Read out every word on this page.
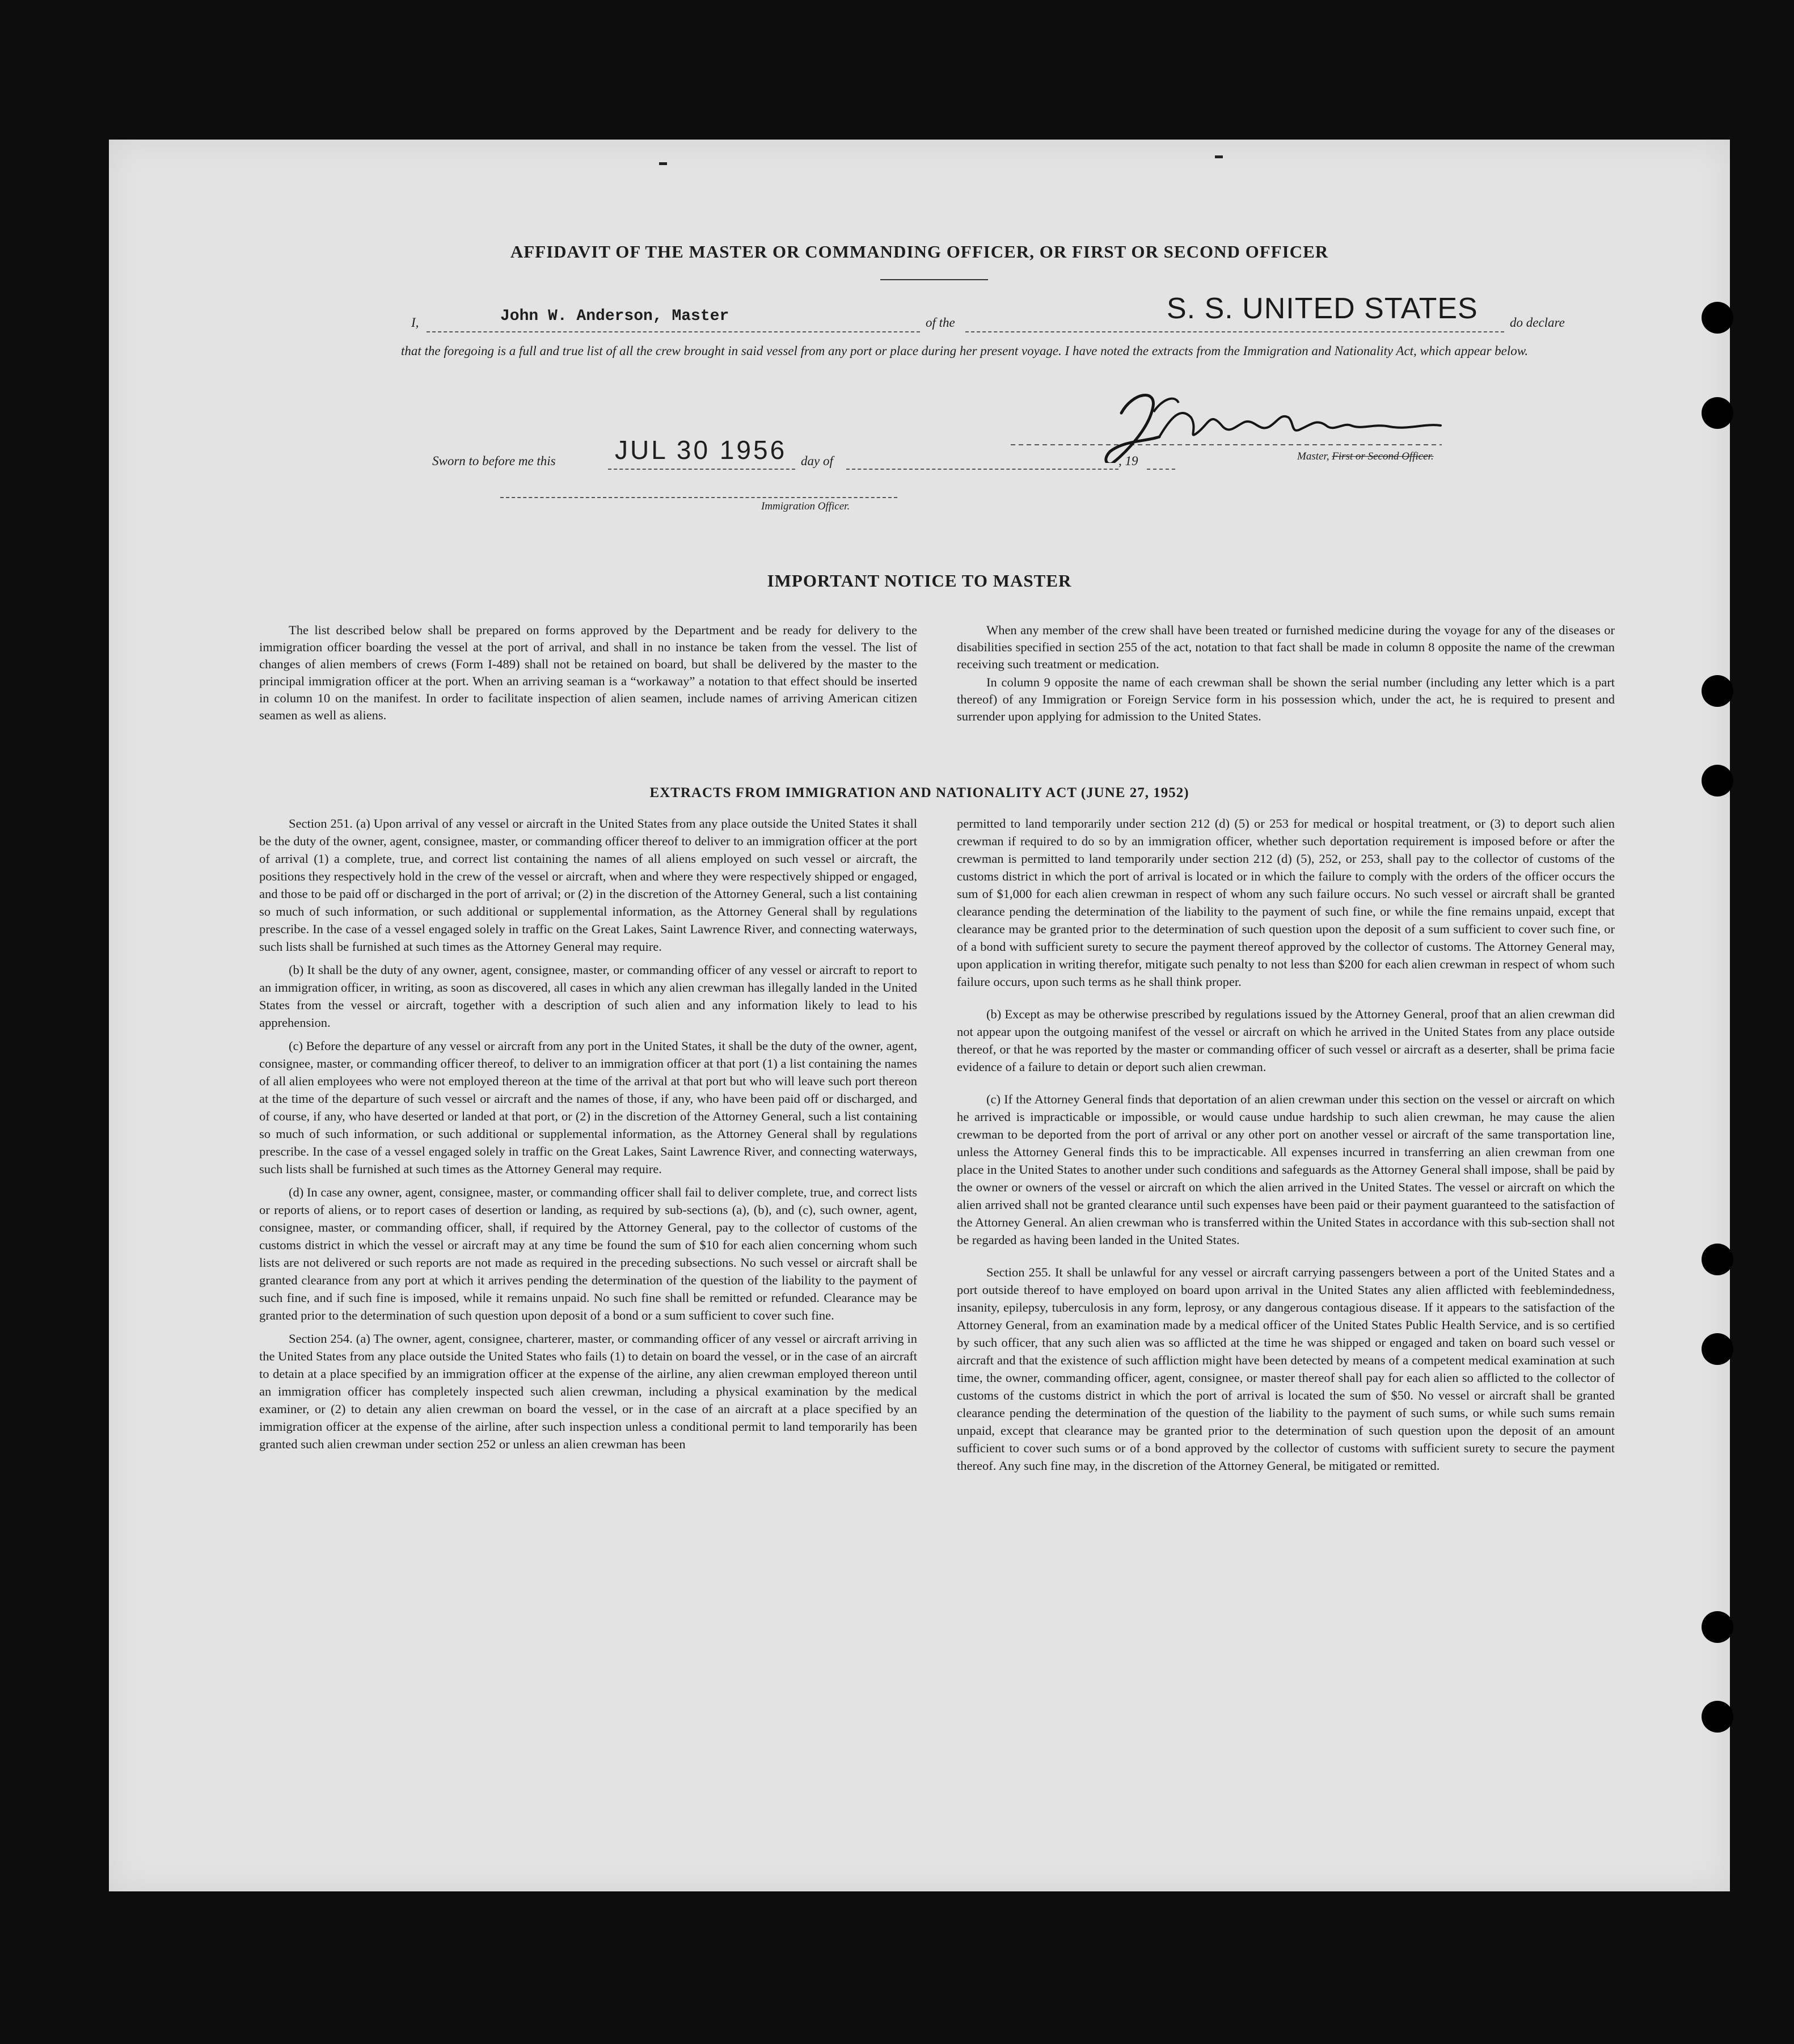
AFFIDAVIT OF THE MASTER OR COMMANDING OFFICER, OR FIRST OR SECOND OFFICER
I,	John W. Anderson, Master	of the	S. S. UNITED STATES do declare
that the foregoing is a full and true list of all the crew brought in said vessel from any port or place during her present voyage. I have noted the extracts from the Immigration and Nationality Act, which appear below.
Master, First or Second Officer.
Sworn to before me this JUL 30 1956 day of	, 19
Immigration Officer.
IMPORTANT NOTICE TO MASTER

The list described below shall be prepared on forms approved by the Department and be ready for delivery to the immigration officer boarding the vessel at the port of arrival, and shall in no instance be taken from the vessel. The list of changes of alien members of crews (Form I-489) shall not be retained on board, but shall be delivered by the master to the principal immigration officer at the port. When an arriving seaman is a “workaway” a notation to that effect should be inserted in column 10 on the manifest. In order to facilitate inspection of alien seamen, include names of arriving American citizen seamen as well as aliens.

When any member of the crew shall have been treated or furnished medicine during the voyage for any of the diseases or disabilities specified in section 255 of the act, notation to that fact shall be made in column 8 opposite the name of the crewman receiving such treatment or medication.

In column 9 opposite the name of each crewman shall be shown the serial number (including any letter which is a part thereof) of any Immigration or Foreign Service form in his possession which, under the act, he is required to present and surrender upon applying for admission to the United States.

EXTRACTS FROM IMMIGRATION AND NATIONALITY ACT (JUNE 27, 1952)

Section 251. (a) Upon arrival of any vessel or aircraft in the United States from any place outside the United States it shall be the duty of the owner, agent, consignee, master, or commanding officer thereof to deliver to an immigration officer at the port of arrival (1) a complete, true, and correct list containing the names of all aliens employed on such vessel or aircraft, the positions they respectively hold in the crew of the vessel or aircraft, when and where they were respectively shipped or engaged, and those to be paid off or discharged in the port of arrival; or (2) in the discretion of the Attorney General, such a list containing so much of such information, or such additional or supplemental information, as the Attorney General shall by regulations prescribe. In the case of a vessel engaged solely in traffic on the Great Lakes, Saint Lawrence River, and connecting waterways, such lists shall be furnished at such times as the Attorney General may require.

(b) It shall be the duty of any owner, agent, consignee, master, or commanding officer of any vessel or aircraft to report to an immigration officer, in writing, as soon as discovered, all cases in which any alien crewman has illegally landed in the United States from the vessel or aircraft, together with a description of such alien and any information likely to lead to his apprehension.

(c) Before the departure of any vessel or aircraft from any port in the United States, it shall be the duty of the owner, agent, consignee, master, or commanding officer thereof, to deliver to an immigration officer at that port (1) a list containing the names of all alien employees who were not employed thereon at the time of the arrival at that port but who will leave such port thereon at the time of the departure of such vessel or aircraft and the names of those, if any, who have been paid off or discharged, and of course, if any, who have deserted or landed at that port, or (2) in the discretion of the Attorney General, such a list containing so much of such information, or such additional or supplemental information, as the Attorney General shall by regulations prescribe. In the case of a vessel engaged solely in traffic on the Great Lakes, Saint Lawrence River, and connecting waterways, such lists shall be furnished at such times as the Attorney General may require.

(d) In case any owner, agent, consignee, master, or commanding officer shall fail to deliver complete, true, and correct lists or reports of aliens, or to report cases of desertion or landing, as required by sub-sections (a), (b), and (c), such owner, agent, consignee, master, or commanding officer, shall, if required by the Attorney General, pay to the collector of customs of the customs district in which the vessel or aircraft may at any time be found the sum of $10 for each alien concerning whom such lists are not delivered or such reports are not made as required in the preceding subsections. No such vessel or aircraft shall be granted clearance from any port at which it arrives pending the determination of the question of the liability to the payment of such fine, and if such fine is imposed, while it remains unpaid. No such fine shall be remitted or refunded. Clearance may be granted prior to the determination of such question upon deposit of a bond or a sum sufficient to cover such fine.

Section 254. (a) The owner, agent, consignee, charterer, master, or commanding officer of any vessel or aircraft arriving in the United States from any place outside the United States who fails (1) to detain on board the vessel, or in the case of an aircraft to detain at a place specified by an immigration officer at the expense of the airline, any alien crewman employed thereon until an immigration officer has completely inspected such alien crewman, including a physical examination by the medical examiner, or (2) to detain any alien crewman on board the vessel, or in the case of an aircraft at a place specified by an immigration officer at the expense of the airline, after such inspection unless a conditional permit to land temporarily has been granted such alien crewman under section 252 or unless an alien crewman has been

permitted to land temporarily under section 212 (d) (5) or 253 for medical or hospital treatment, or (3) to deport such alien crewman if required to do so by an immigration officer, whether such deportation requirement is imposed before or after the crewman is permitted to land temporarily under section 212 (d) (5), 252, or 253, shall pay to the collector of customs of the customs district in which the port of arrival is located or in which the failure to comply with the orders of the officer occurs the sum of $1,000 for each alien crewman in respect of whom any such failure occurs. No such vessel or aircraft shall be granted clearance pending the determination of the liability to the payment of such fine, or while the fine remains unpaid, except that clearance may be granted prior to the determination of such question upon the deposit of a sum sufficient to cover such fine, or of a bond with sufficient surety to secure the payment thereof approved by the collector of customs. The Attorney General may, upon application in writing therefor, mitigate such penalty to not less than $200 for each alien crewman in respect of whom such failure occurs, upon such terms as he shall think proper.

(b) Except as may be otherwise prescribed by regulations issued by the Attorney General, proof that an alien crewman did not appear upon the outgoing manifest of the vessel or aircraft on which he arrived in the United States from any place outside thereof, or that he was reported by the master or commanding officer of such vessel or aircraft as a deserter, shall be prima facie evidence of a failure to detain or deport such alien crewman.

(c) If the Attorney General finds that deportation of an alien crewman under this section on the vessel or aircraft on which he arrived is impracticable or impossible, or would cause undue hardship to such alien crewman, he may cause the alien crewman to be deported from the port of arrival or any other port on another vessel or aircraft of the same transportation line, unless the Attorney General finds this to be impracticable. All expenses incurred in transferring an alien crewman from one place in the United States to another under such conditions and safeguards as the Attorney General shall impose, shall be paid by the owner or owners of the vessel or aircraft on which the alien arrived in the United States. The vessel or aircraft on which the alien arrived shall not be granted clearance until such expenses have been paid or their payment guaranteed to the satisfaction of the Attorney General. An alien crewman who is transferred within the United States in accordance with this sub-section shall not be regarded as having been landed in the United States.

Section 255. It shall be unlawful for any vessel or aircraft carrying passengers between a port of the United States and a port outside thereof to have employed on board upon arrival in the United States any alien afflicted with feeblemindedness, insanity, epilepsy, tuberculosis in any form, leprosy, or any dangerous contagious disease. If it appears to the satisfaction of the Attorney General, from an examination made by a medical officer of the United States Public Health Service, and is so certified by such officer, that any such alien was so afflicted at the time he was shipped or engaged and taken on board such vessel or aircraft and that the existence of such affliction might have been detected by means of a competent medical examination at such time, the owner, commanding officer, agent, consignee, or master thereof shall pay for each alien so afflicted to the collector of customs of the customs district in which the port of arrival is located the sum of $50. No vessel or aircraft shall be granted clearance pending the determination of the question of the liability to the payment of such sums, or while such sums remain unpaid, except that clearance may be granted prior to the determination of such question upon the deposit of an amount sufficient to cover such sums or of a bond approved by the collector of customs with sufficient surety to secure the payment thereof. Any such fine may, in the discretion of the Attorney General, be mitigated or remitted.
